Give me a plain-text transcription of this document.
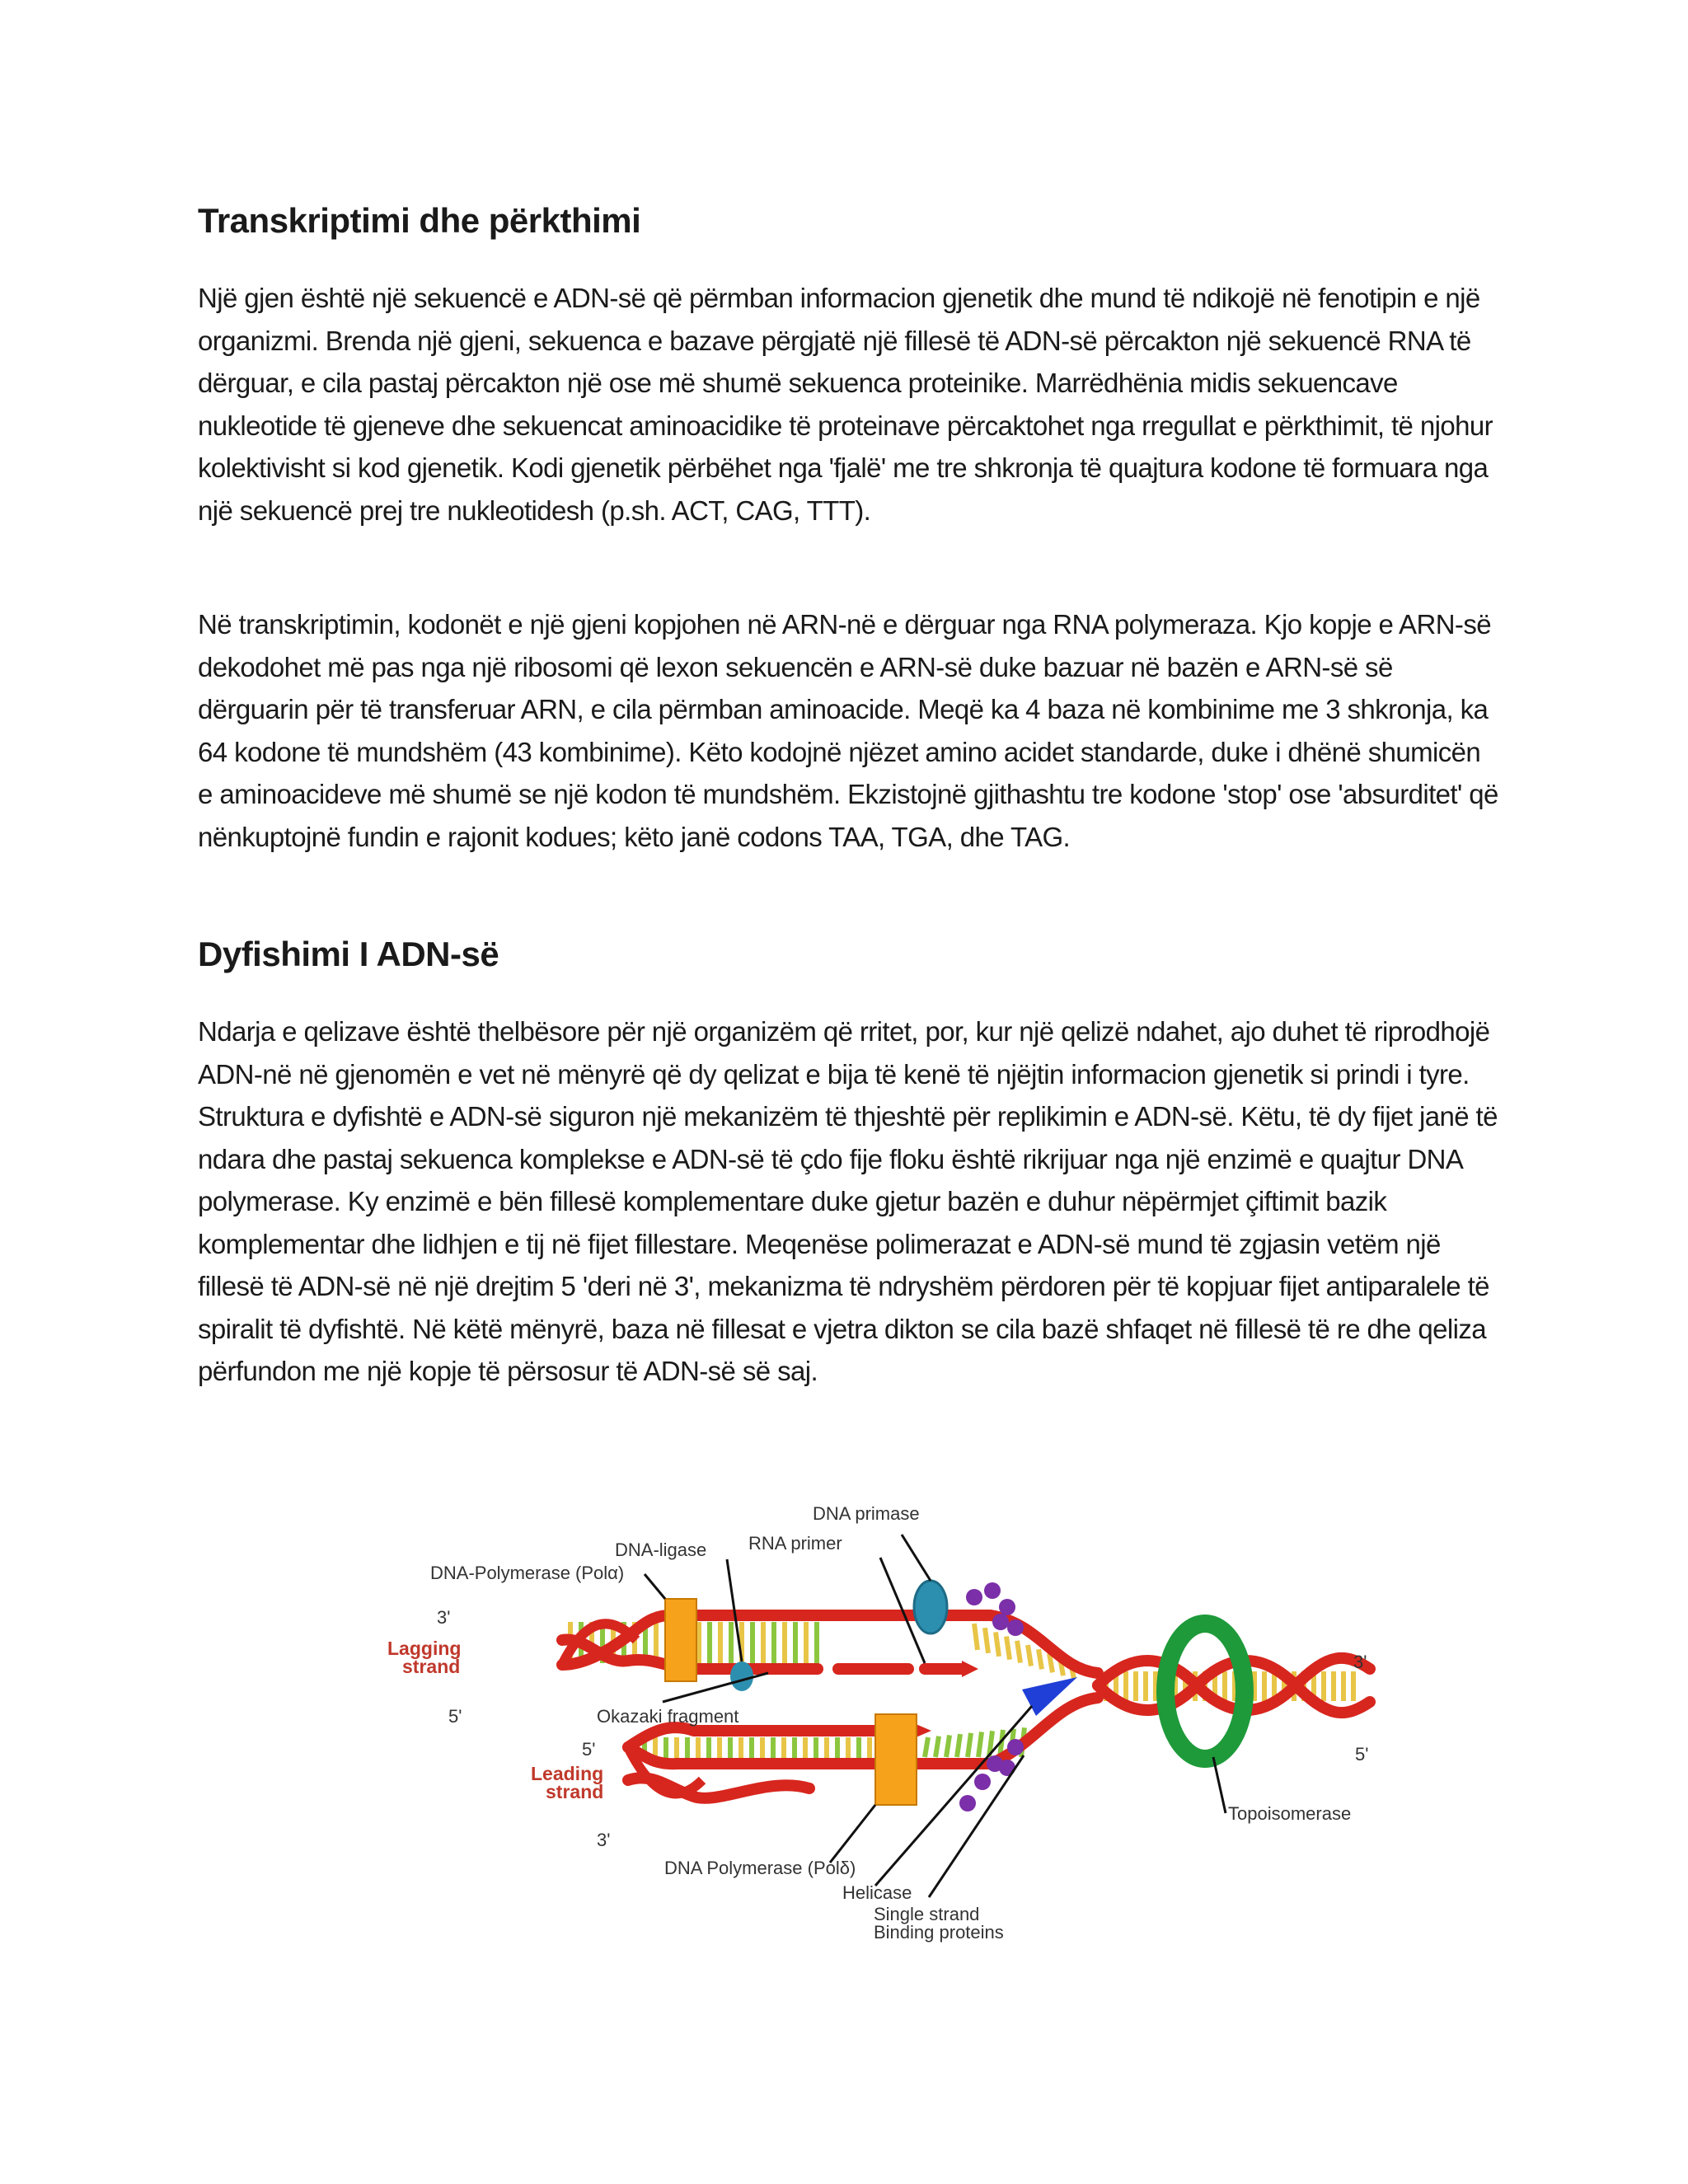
Transkriptimi dhe përkthimi

Një gjen është një sekuencë e ADN-së që përmban informacion gjenetik dhe mund të ndikojë në fenotipin e një organizmi. Brenda një gjeni, sekuenca e bazave përgjatë një fillesë të ADN-së përcakton një sekuencë RNA të dërguar, e cila pastaj përcakton një ose më shumë sekuenca proteinike. Marrëdhënia midis sekuencave nukleotide të gjeneve dhe sekuencat aminoacidike të proteinave përcaktohet nga rregullat e përkthimit, të njohur kolektivisht si kod gjenetik. Kodi gjenetik përbëhet nga 'fjalë' me tre shkronja të quajtura kodone të formuara nga një sekuencë prej tre nukleotidesh (p.sh. ACT, CAG, TTT).

Në transkriptimin, kodonët e një gjeni kopjohen në ARN-në e dërguar nga RNA polymeraza. Kjo kopje e ARN-së dekodohet më pas nga një ribosomi që lexon sekuencën e ARN-së duke bazuar në bazën e ARN-së së dërguarin për të transferuar ARN, e cila përmban aminoacide. Meqë ka 4 baza në kombinime me 3 shkronja, ka 64 kodone të mundshëm (43 kombinime). Këto kodojnë njëzet amino acidet standarde, duke i dhënë shumicën e aminoacideve më shumë se një kodon të mundshëm. Ekzistojnë gjithashtu tre kodone 'stop' ose 'absurditet' që nënkuptojnë fundin e rajonit kodues; këto janë codons TAA, TGA, dhe TAG.

Dyfishimi I ADN-së

Ndarja e qelizave është thelbësore për një organizëm që rritet, por, kur një qelizë ndahet, ajo duhet të riprodhojë ADN-në në gjenomën e vet në mënyrë që dy qelizat e bija të kenë të njëjtin informacion gjenetik si prindi i tyre. Struktura e dyfishtë e ADN-së siguron një mekanizëm të thjeshtë për replikimin e ADN-së. Këtu, të dy fijet janë të ndara dhe pastaj sekuenca komplekse e ADN-së të çdo fije floku është rikrijuar nga një enzimë e quajtur DNA polymerase. Ky enzimë e bën fillesë komplementare duke gjetur bazën e duhur nëpërmjet çiftimit bazik komplementar dhe lidhjen e tij në fijet fillestare. Meqenëse polimerazat e ADN-së mund të zgjasin vetëm një fillesë të ADN-së në një drejtim 5 'deri në 3', mekanizma të ndryshëm përdoren për të kopjuar fijet antiparalele të spiralit të dyfishtë. Në këtë mënyrë, baza në fillesat e vjetra dikton se cila bazë shfaqet në fillesë të re dhe qeliza përfundon me një kopje të përsosur të ADN-së së saj.

DNA primase
RNA primer
DNA-ligase
DNA-Polymerase (Polα)
3'
Lagging
strand
5'	Okazaki fragment
5'
Leading
strand
3'
DNA Polymerase (Polδ)
Helicase
Single strand
Binding proteins
3'
5'
Topoisomerase
